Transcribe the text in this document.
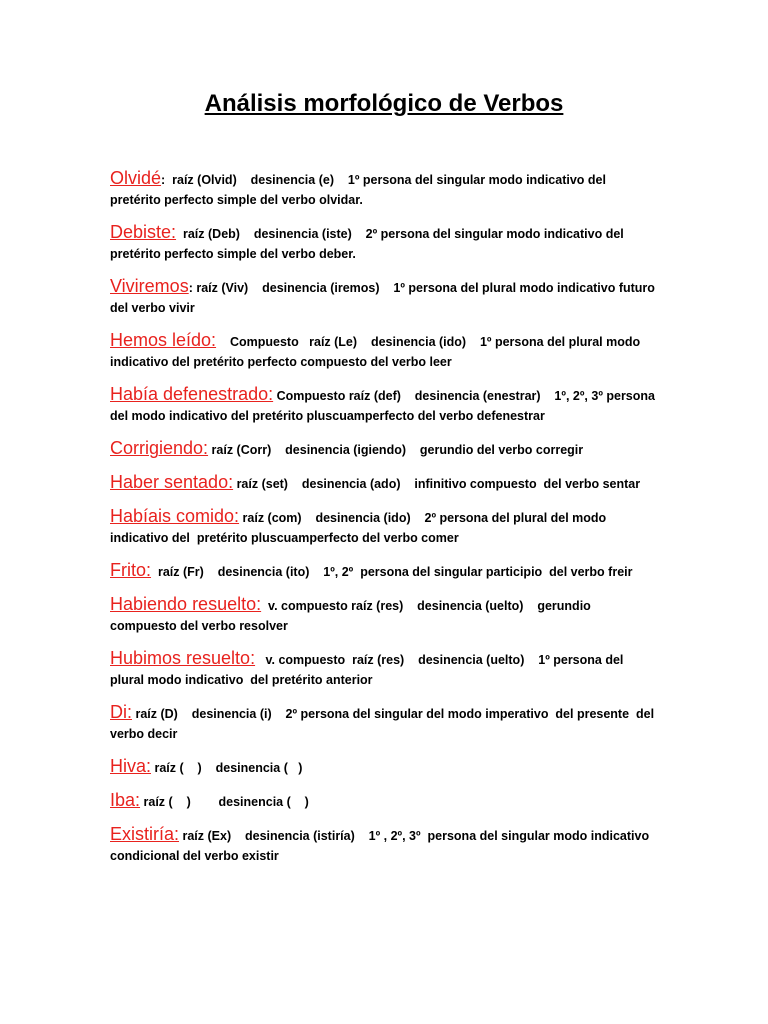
Análisis morfológico de Verbos

Olvidé:  raíz (Olvid)    desinencia (e)    1º persona del singular modo indicativo del pretérito perfecto simple del verbo olvidar.

Debiste:  raíz (Deb)    desinencia (iste)    2º persona del singular modo indicativo del pretérito perfecto simple del verbo deber.

Viviremos: raíz (Viv)    desinencia (iremos)    1º persona del plural modo indicativo futuro del verbo vivir

Hemos leído:    Compuesto   raíz (Le)    desinencia (ido)    1º persona del plural modo indicativo del pretérito perfecto compuesto del verbo leer

Había defenestrado: Compuesto raíz (def)    desinencia (enestrar)    1º, 2º, 3º persona del modo indicativo del pretérito pluscuamperfecto del verbo defenestrar

Corrigiendo: raíz (Corr)    desinencia (igiendo)    gerundio del verbo corregir

Haber sentado: raíz (set)    desinencia (ado)    infinitivo compuesto  del verbo sentar

Habíais comido: raíz (com)    desinencia (ido)    2º persona del plural del modo indicativo del  pretérito pluscuamperfecto del verbo comer

Frito:  raíz (Fr)    desinencia (ito)    1º, 2º  persona del singular participio  del verbo freir

Habiendo resuelto:  v. compuesto raíz (res)    desinencia (uelto)    gerundio compuesto del verbo resolver

Hubimos resuelto:   v. compuesto  raíz (res)    desinencia (uelto)    1º persona del plural modo indicativo  del pretérito anterior

Di: raíz (D)    desinencia (i)    2º persona del singular del modo imperativo  del presente  del verbo decir

Hiva: raíz (    )    desinencia (   )

Iba: raíz (    )        desinencia (    )

Existiría: raíz (Ex)    desinencia (istiría)    1º , 2º, 3º  persona del singular modo indicativo condicional del verbo existir
